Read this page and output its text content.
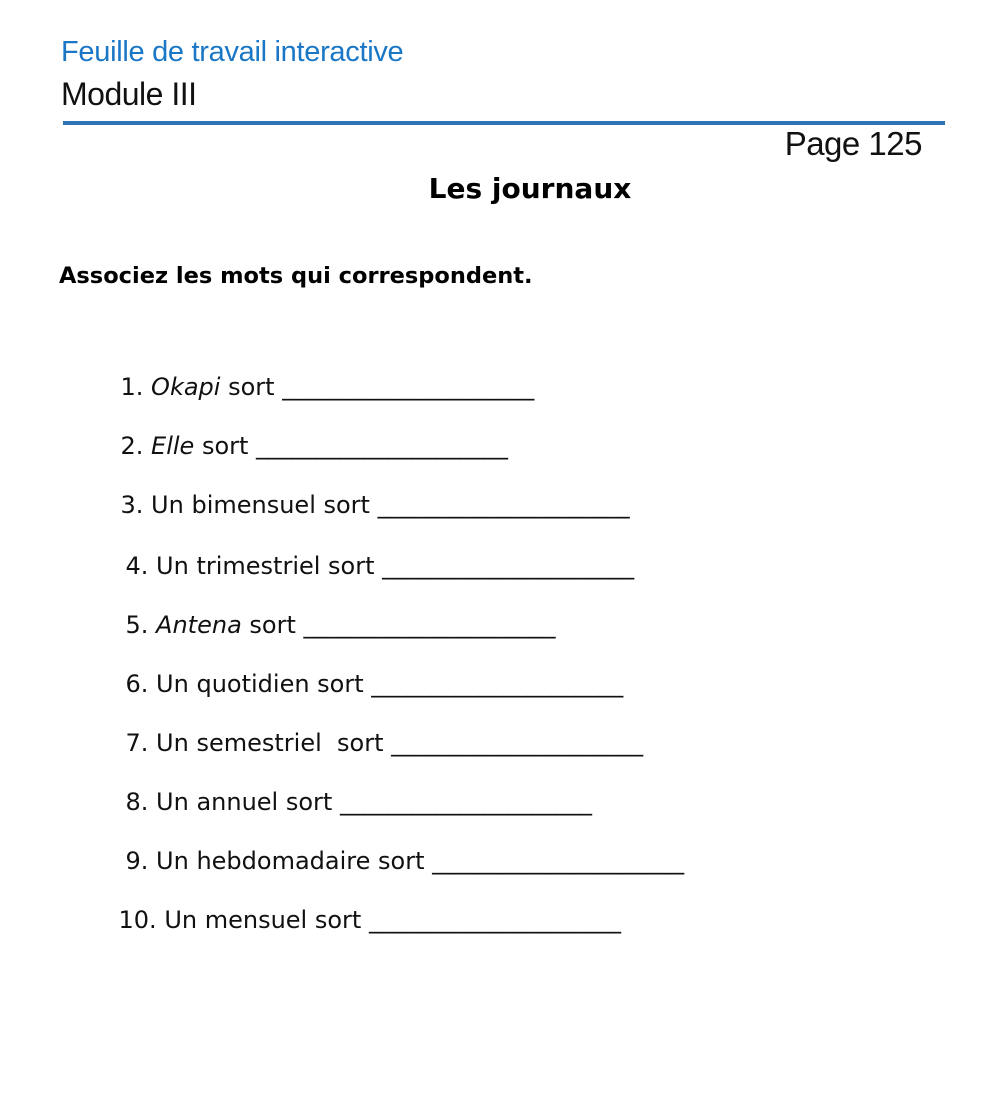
Feuille de travail interactive
Module III
Page 125
Les journaux
Associez les mots qui correspondent.

1. Okapi sort _____________________

2. Elle sort _____________________

3. Un bimensuel sort _____________________

4. Un trimestriel sort _____________________

5. Antena sort _____________________

6. Un quotidien sort _____________________

7. Un semestriel  sort _____________________

8. Un annuel sort _____________________

9. Un hebdomadaire sort _____________________

10. Un mensuel sort _____________________
